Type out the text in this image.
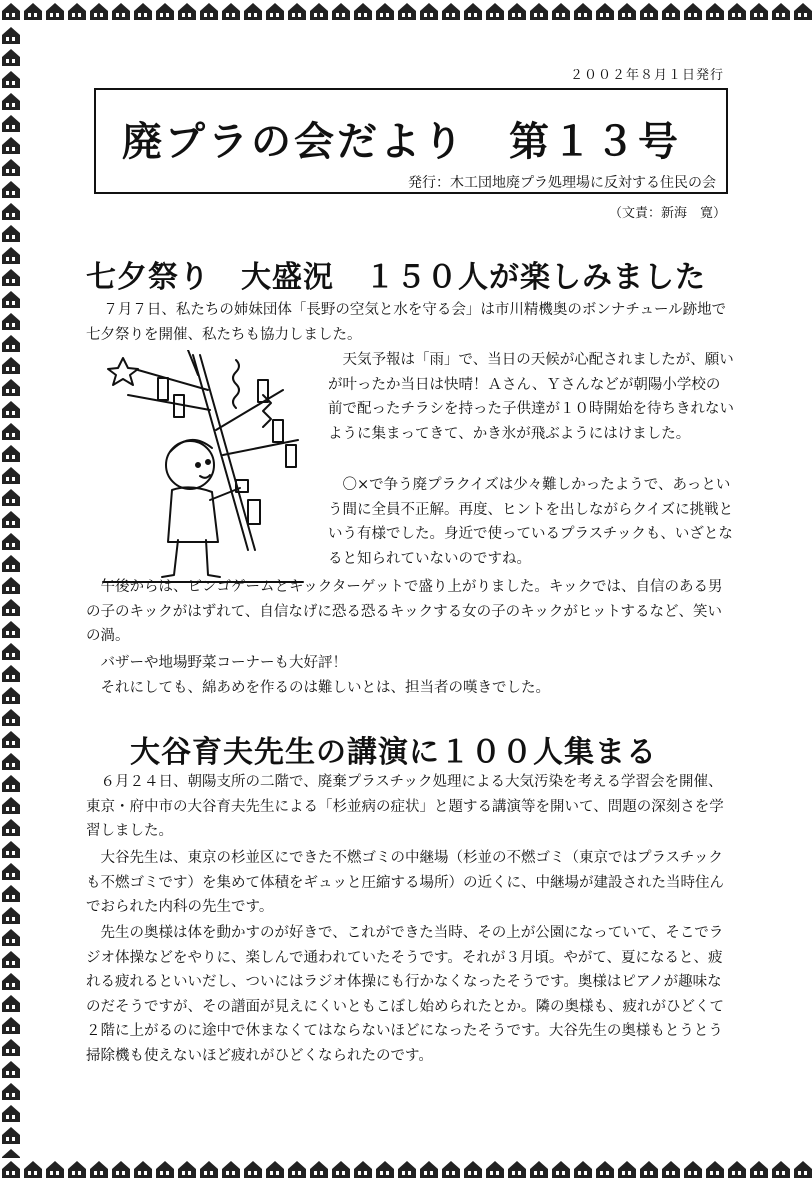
２００２年８月１日発行
廃プラの会だより　第１３号
発行：木工団地廃プラ処理場に反対する住民の会
（文責：新海　寛）
七夕祭り　大盛況　１５０人が楽しみました

７月７日、私たちの姉妹団体「長野の空気と水を守る会」は市川精機奥のボンナチュール跡地で七夕祭りを開催、私たちも協力しました。

天気予報は「雨」で、当日の天候が心配されましたが、願いが叶ったか当日は快晴！Ａさん、Ｙさんなどが朝陽小学校の前で配ったチラシを持った子供達が１０時開始を待ちきれないように集まってきて、かき氷が飛ぶようにはけました。

〇×で争う廃プラクイズは少々難しかったようで、あっという間に全員不正解。再度、ヒントを出しながらクイズに挑戦という有様でした。身近で使っているプラスチックも、いざとなると知られていないのですね。

午後からは、ビンゴゲームとキックターゲットで盛り上がりました。キックでは、自信のある男の子のキックがはずれて、自信なげに恐る恐るキックする女の子のキックがヒットするなど、笑いの渦。

バザーや地場野菜コーナーも大好評！

それにしても、綿あめを作るのは難しいとは、担当者の嘆きでした。

大谷育夫先生の講演に１００人集まる

６月２４日、朝陽支所の二階で、廃棄プラスチック処理による大気汚染を考える学習会を開催、東京・府中市の大谷育夫先生による「杉並病の症状」と題する講演等を開いて、問題の深刻さを学習しました。

大谷先生は、東京の杉並区にできた不燃ゴミの中継場（杉並の不燃ゴミ（東京ではプラスチックも不燃ゴミです）を集めて体積をギュッと圧縮する場所）の近くに、中継場が建設された当時住んでおられた内科の先生です。

先生の奥様は体を動かすのが好きで、これができた当時、その上が公園になっていて、そこでラジオ体操などをやりに、楽しんで通われていたそうです。それが３月頃。やがて、夏になると、疲れる疲れるといいだし、ついにはラジオ体操にも行かなくなったそうです。奥様はピアノが趣味なのだそうですが、その譜面が見えにくいともこぼし始められたとか。隣の奥様も、疲れがひどくて２階に上がるのに途中で休まなくてはならないほどになったそうです。大谷先生の奥様もとうとう掃除機も使えないほど疲れがひどくなられたのです。
